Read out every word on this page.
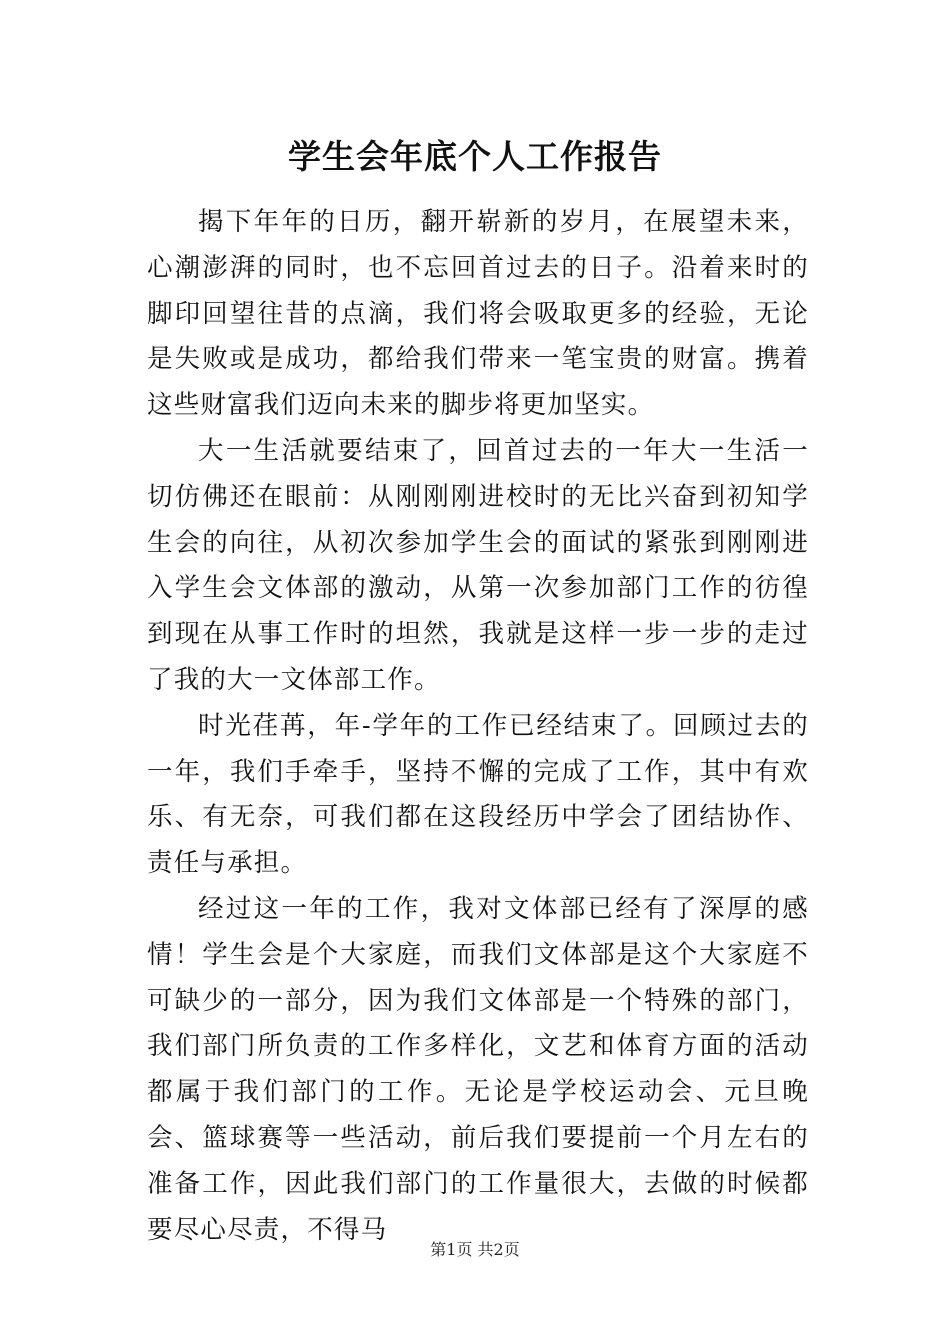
学生会年底个人工作报告

揭下年年的日历，翻开崭新的岁月，在展望未来，心潮澎湃的同时，也不忘回首过去的日子。沿着来时的脚印回望往昔的点滴，我们将会吸取更多的经验，无论是失败或是成功，都给我们带来一笔宝贵的财富。携着这些财富我们迈向未来的脚步将更加坚实。

大一生活就要结束了，回首过去的一年大一生活一切仿佛还在眼前：从刚刚刚进校时的无比兴奋到初知学生会的向往，从初次参加学生会的面试的紧张到刚刚进入学生会文体部的激动，从第一次参加部门工作的彷徨到现在从事工作时的坦然，我就是这样一步一步的走过了我的大一文体部工作。

时光荏苒，年-学年的工作已经结束了。回顾过去的一年，我们手牵手，坚持不懈的完成了工作，其中有欢乐、有无奈，可我们都在这段经历中学会了团结协作、责任与承担。

经过这一年的工作，我对文体部已经有了深厚的感情！学生会是个大家庭，而我们文体部是这个大家庭不可缺少的一部分，因为我们文体部是一个特殊的部门，我们部门所负责的工作多样化，文艺和体育方面的活动都属于我们部门的工作。无论是学校运动会、元旦晚会、篮球赛等一些活动，前后我们要提前一个月左右的准备工作，因此我们部门的工作量很大，去做的时候都要尽心尽责，不得马

第1页 共2页
